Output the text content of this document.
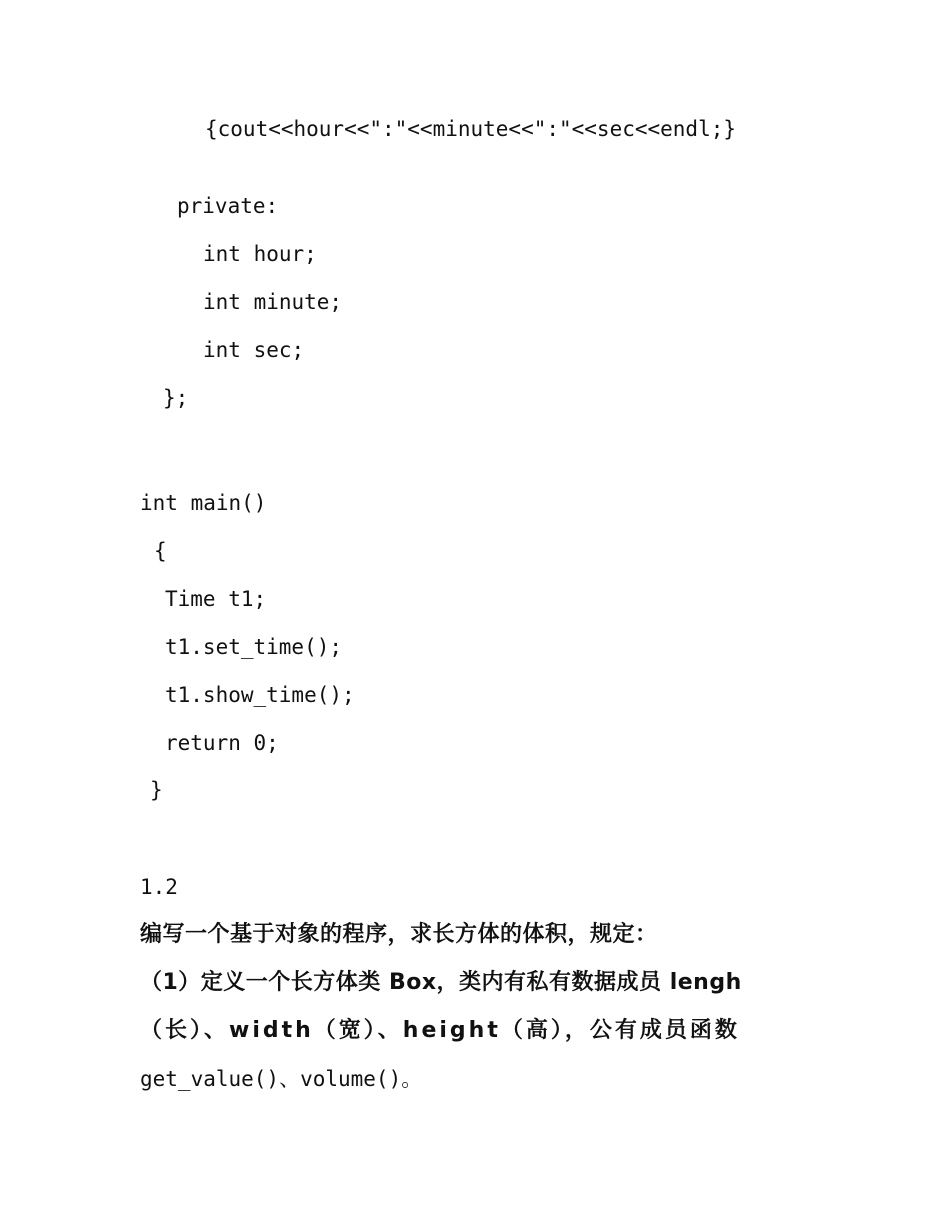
{cout<<hour<<":"<<minute<<":"<<sec<<endl;}
private:
int hour;
int minute;
int sec;
};
int main()
{
Time t1;
t1.set_time();
t1.show_time();
return 0;
}
1.2
编写一个基于对象的程序，求长方体的体积，规定：
（1）定义一个长方体类 Box，类内有私有数据成员 lengh
（长）、width（宽）、height（高），公有成员函数
get_value()、volume()。
